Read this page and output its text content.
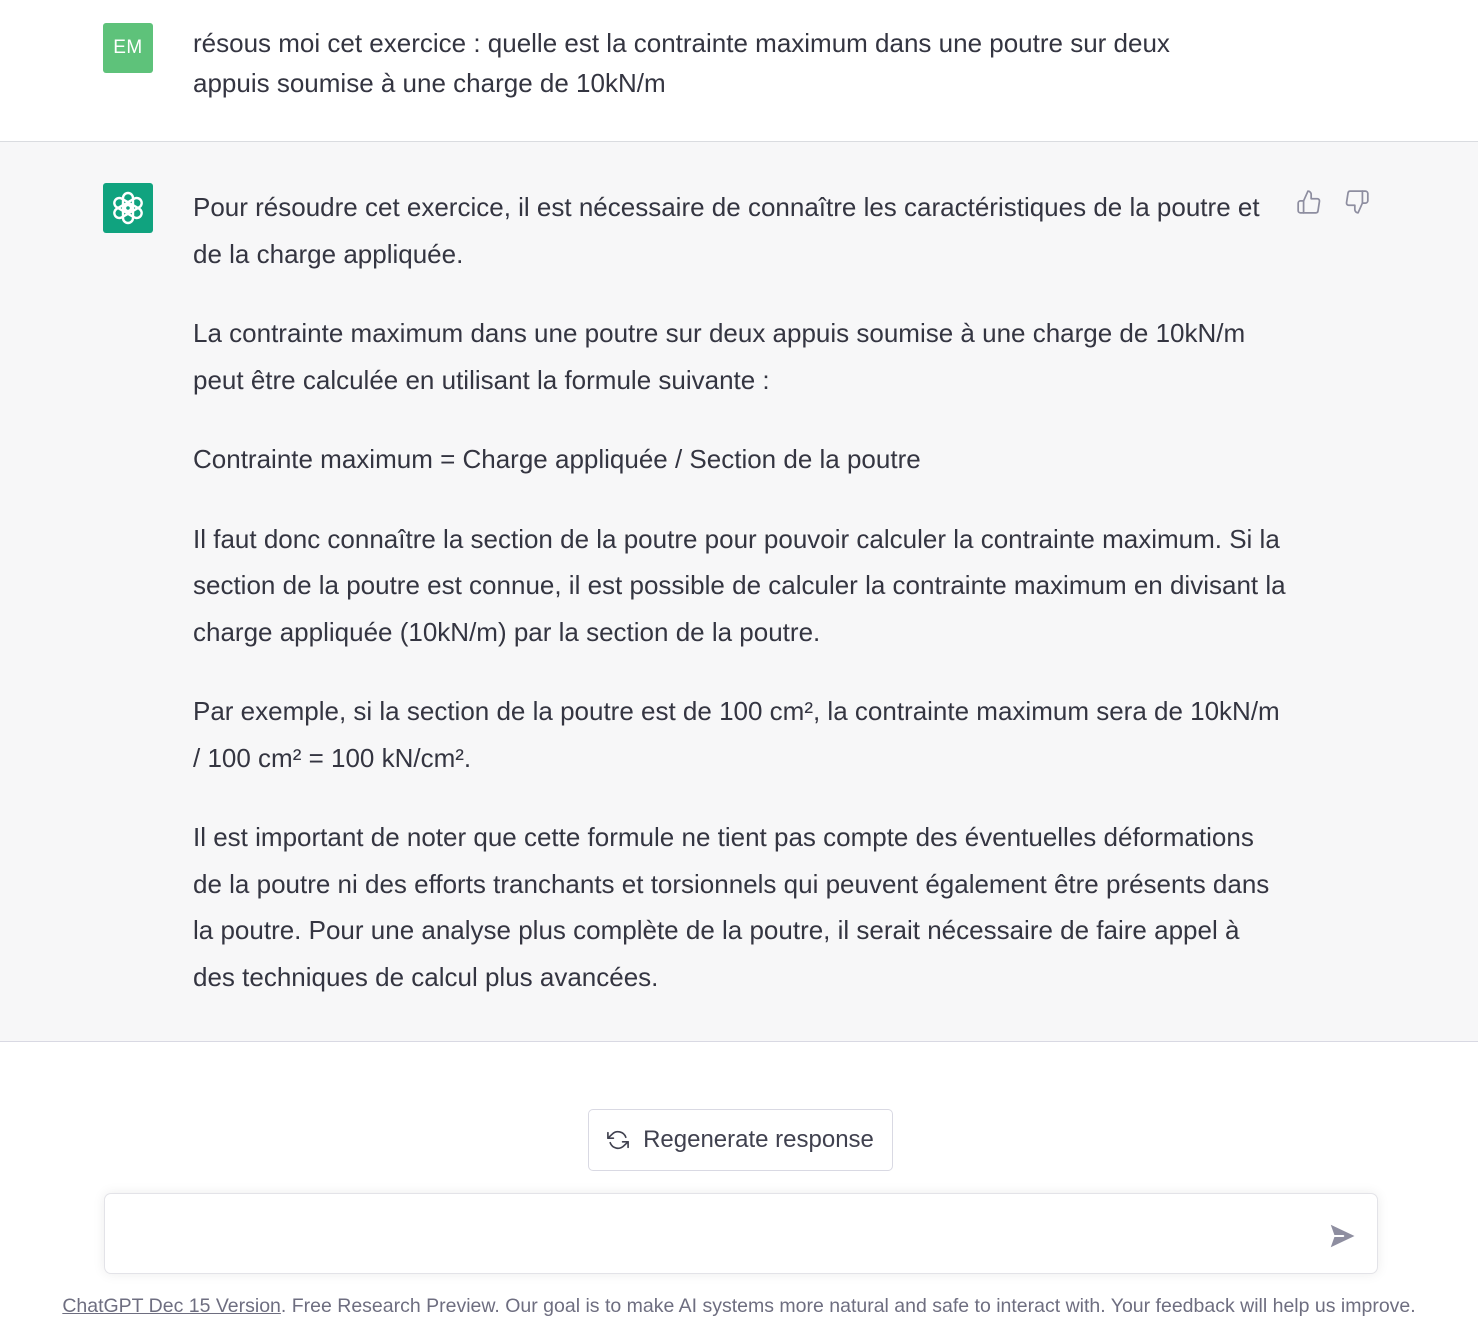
EM	résous moi cet exercice : quelle est la contrainte maximum dans une poutre sur deux appuis soumise à une charge de 10kN/m

Pour résoudre cet exercice, il est nécessaire de connaître les caractéristiques de la poutre et de la charge appliquée.

La contrainte maximum dans une poutre sur deux appuis soumise à une charge de 10kN/m peut être calculée en utilisant la formule suivante :

Contrainte maximum = Charge appliquée / Section de la poutre

Il faut donc connaître la section de la poutre pour pouvoir calculer la contrainte maximum. Si la section de la poutre est connue, il est possible de calculer la contrainte maximum en divisant la charge appliquée (10kN/m) par la section de la poutre.

Par exemple, si la section de la poutre est de 100 cm², la contrainte maximum sera de 10kN/m / 100 cm² = 100 kN/cm².

Il est important de noter que cette formule ne tient pas compte des éventuelles déformations de la poutre ni des efforts tranchants et torsionnels qui peuvent également être présents dans la poutre. Pour une analyse plus complète de la poutre, il serait nécessaire de faire appel à des techniques de calcul plus avancées.

Regenerate response
ChatGPT Dec 15 Version. Free Research Preview. Our goal is to make AI systems more natural and safe to interact with. Your feedback will help us improve.
